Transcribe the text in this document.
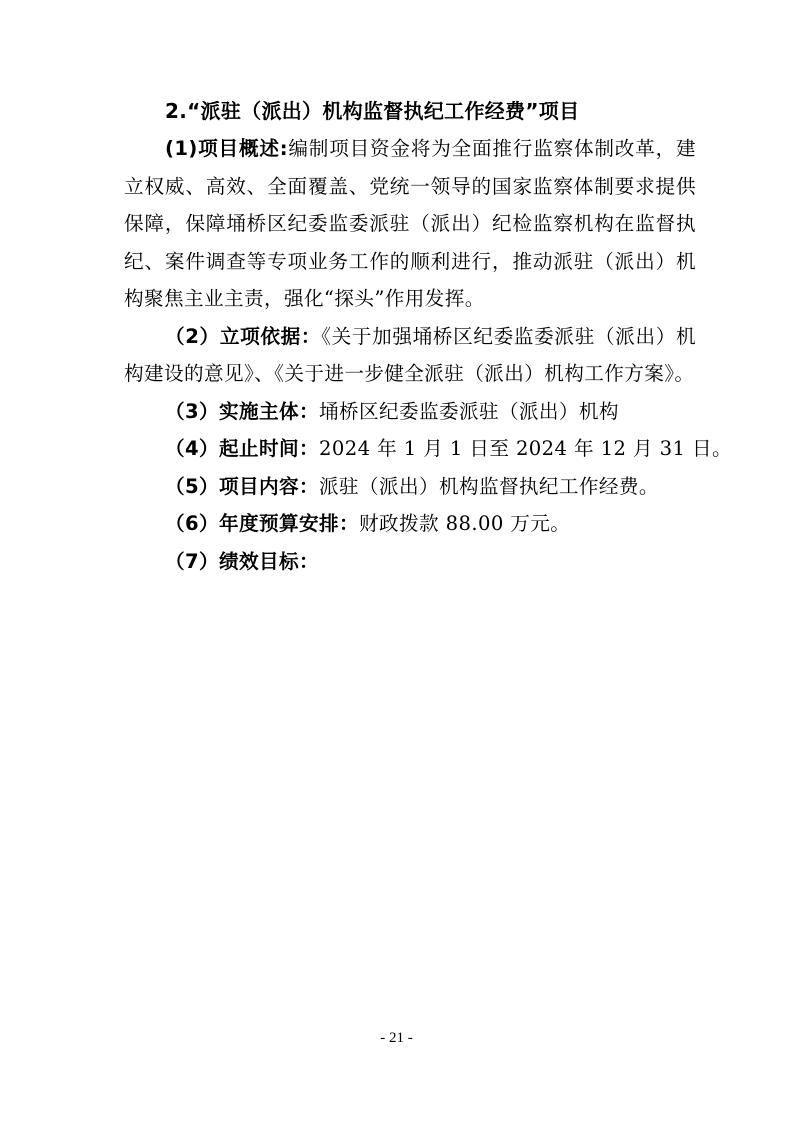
2.“派驻（派出）机构监督执纪工作经费”项目

(1)项目概述:编制项目资金将为全面推行监察体制改革，建立权威、高效、全面覆盖、党统一领导的国家监察体制要求提供保障，保障埇桥区纪委监委派驻（派出）纪检监察机构在监督执纪、案件调查等专项业务工作的顺利进行，推动派驻（派出）机构聚焦主业主责，强化“探头”作用发挥。

（2）立项依据：《关于加强埇桥区纪委监委派驻（派出）机构建设的意见》、《关于进一步健全派驻（派出）机构工作方案》。

（3）实施主体：埇桥区纪委监委派驻（派出）机构

（4）起止时间：2024 年 1 月 1 日至 2024 年 12 月 31 日。

（5）项目内容：派驻（派出）机构监督执纪工作经费。

（6）年度预算安排：财政拨款 88.00 万元。

（7）绩效目标：

- 21 -
